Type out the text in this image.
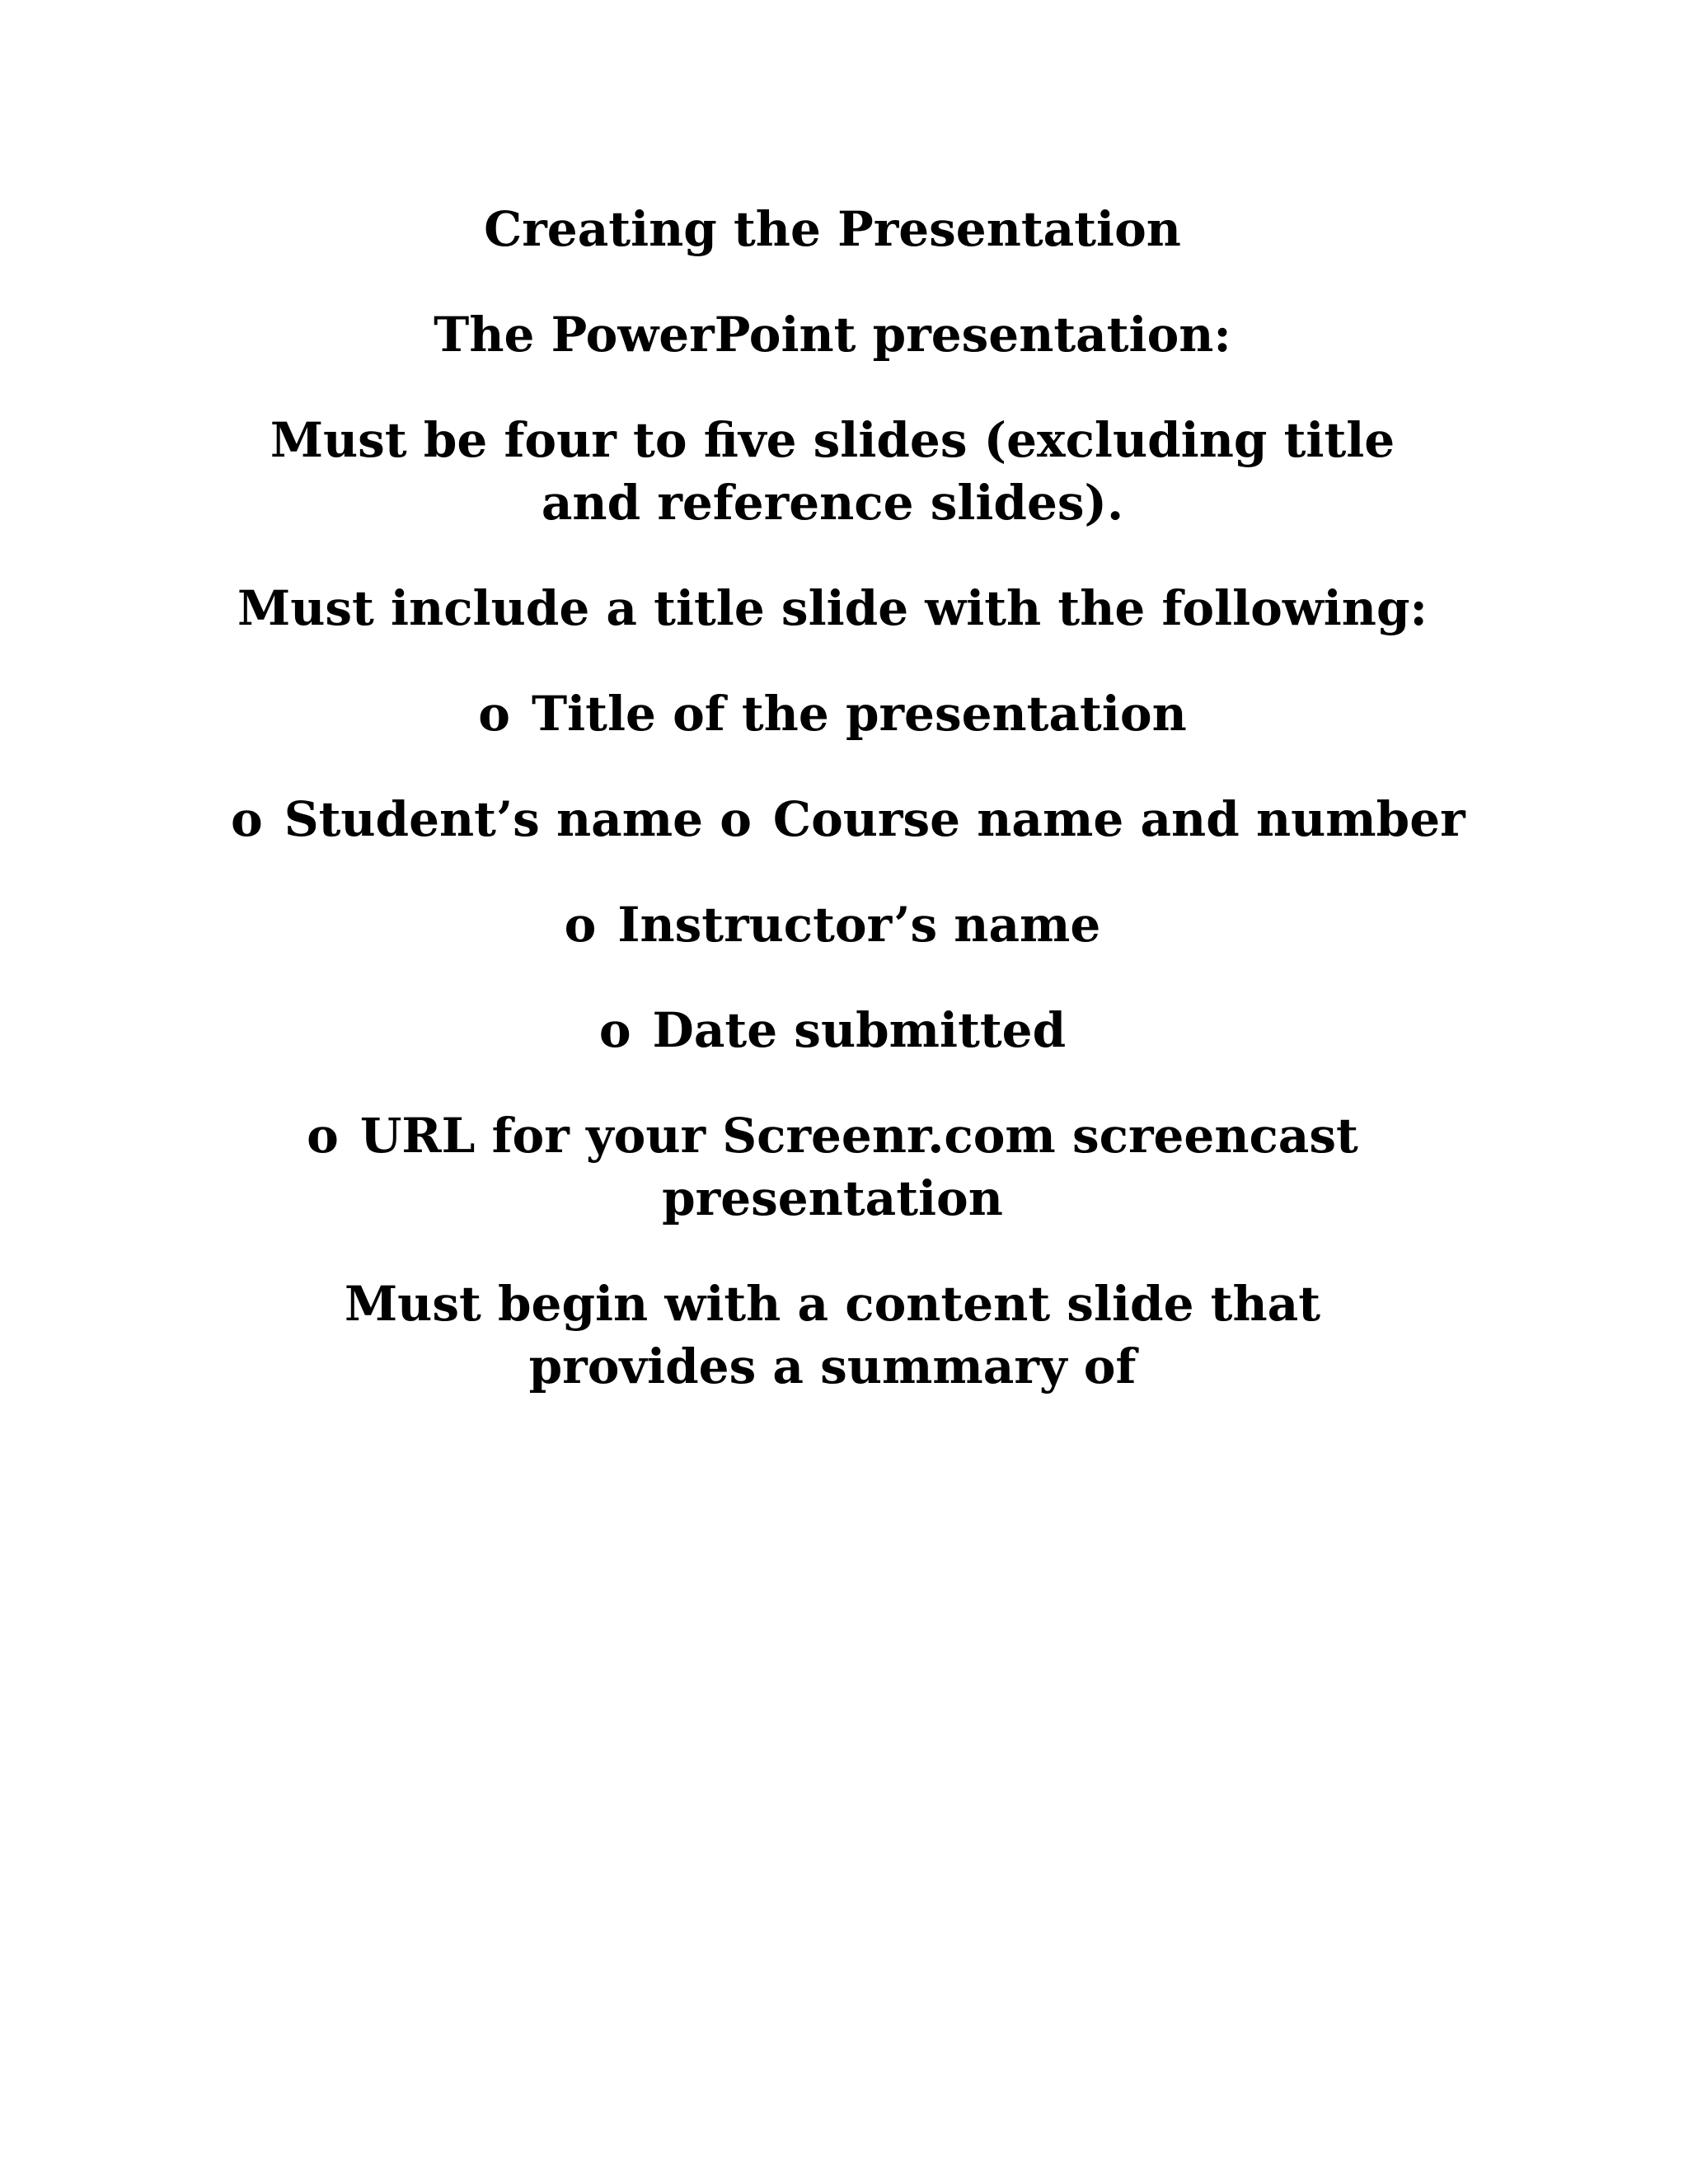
Creating the Presentation

The PowerPoint presentation:

Must be four to five slides (excluding title and reference slides).

Must include a title slide with the following:

o Title of the presentation

o Student’s name o Course name and number

o Instructor’s name

o Date submitted

o URL for your Screenr.com screencast presentation

Must begin with a content slide that provides a summary of
